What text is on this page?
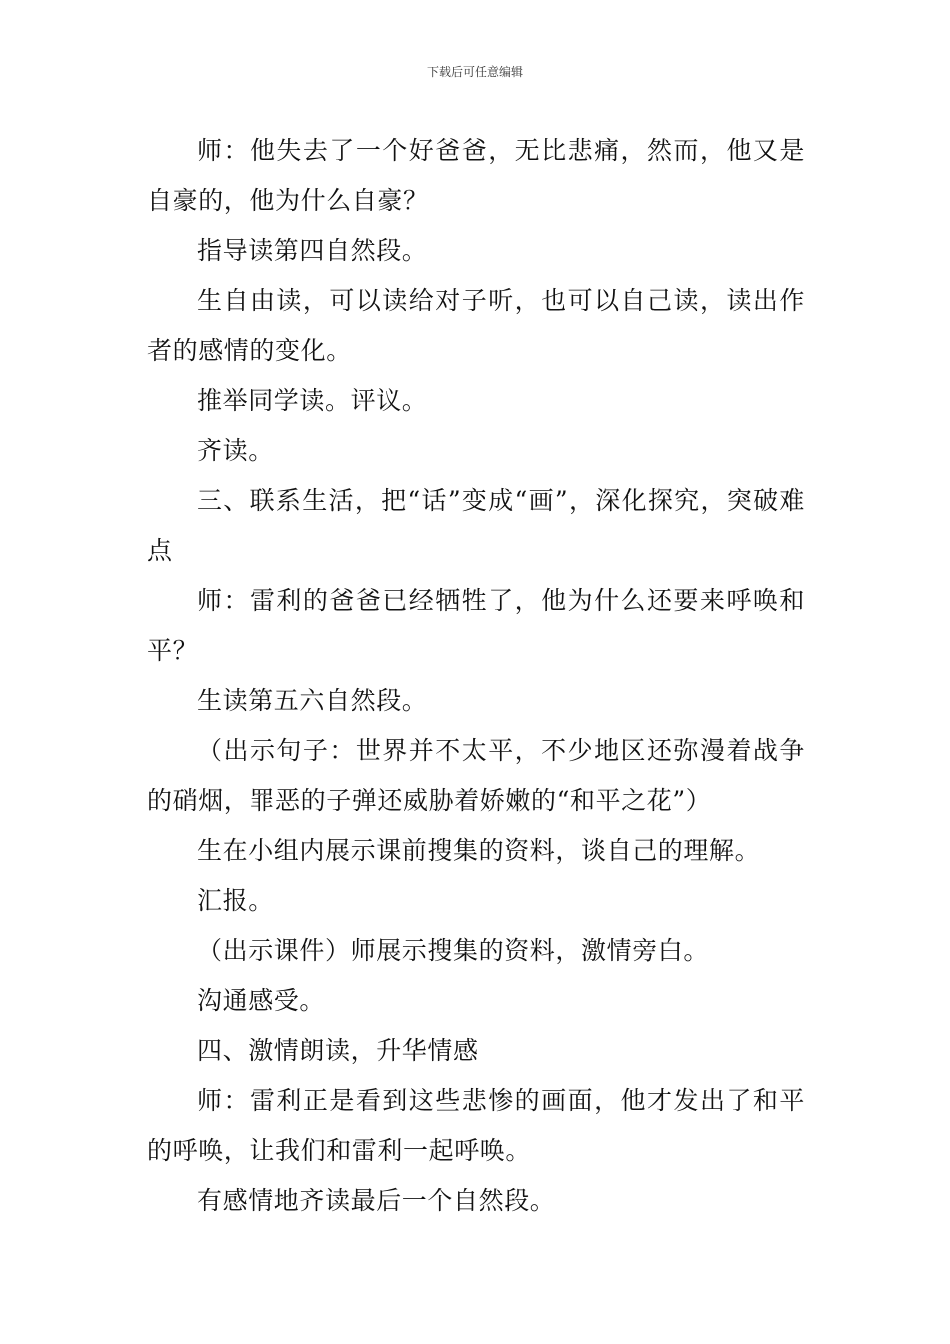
下载后可任意编辑

师：他失去了一个好爸爸，无比悲痛，然而，他又是自豪的，他为什么自豪？

指导读第四自然段。

生自由读，可以读给对子听，也可以自己读，读出作者的感情的变化。

推举同学读。评议。

齐读。

三、联系生活，把“话”变成“画”，深化探究，突破难点

师：雷利的爸爸已经牺牲了，他为什么还要来呼唤和平？

生读第五六自然段。

（出示句子：世界并不太平，不少地区还弥漫着战争的硝烟，罪恶的子弹还威胁着娇嫩的“和平之花”）

生在小组内展示课前搜集的资料，谈自己的理解。

汇报。

（出示课件）师展示搜集的资料，激情旁白。

沟通感受。

四、激情朗读，升华情感

师：雷利正是看到这些悲惨的画面，他才发出了和平的呼唤，让我们和雷利一起呼唤。

有感情地齐读最后一个自然段。
